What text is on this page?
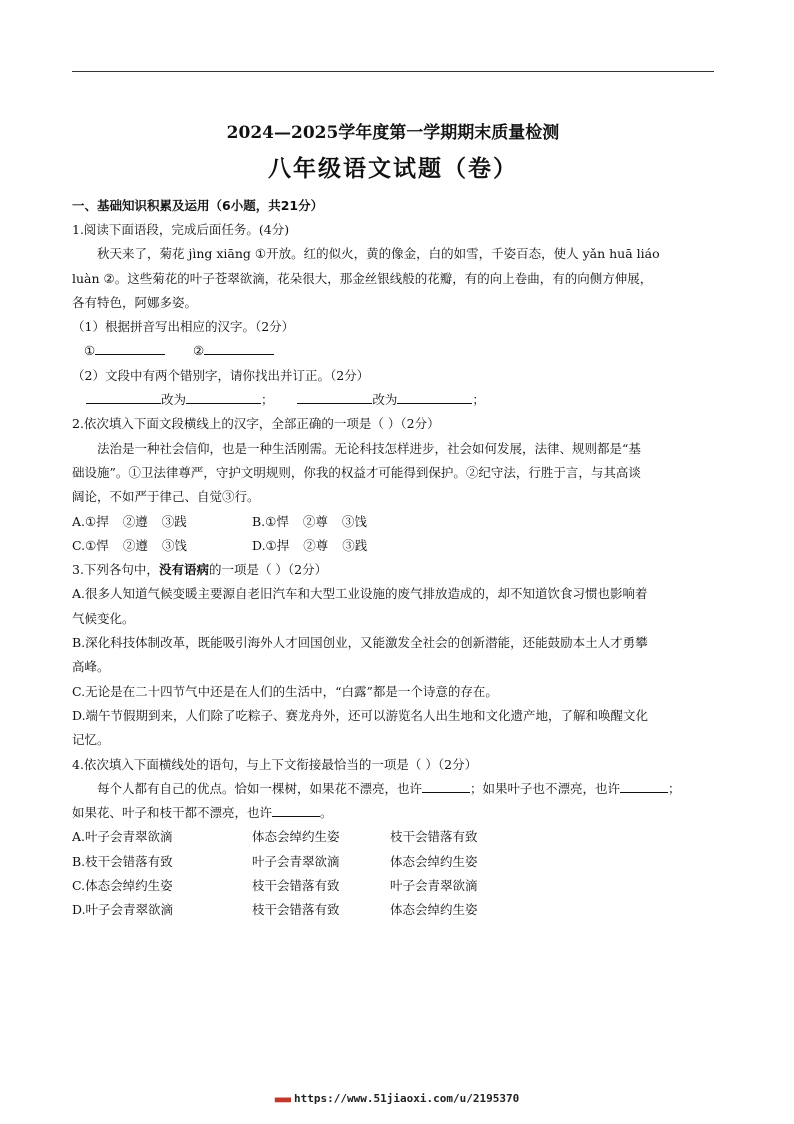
2024—2025学年度第一学期期末质量检测
八年级语文试题（卷）
一、基础知识积累及运用（6小题，共21分）
1.阅读下面语段，完成后面任务。(4分)
秋天来了，菊花 jìng xiāng ①开放。红的似火，黄的像金，白的如雪，千姿百态，使人 yǎn huā liáo

luàn ②。这些菊花的叶子苍翠欲滴，花朵很大，那金丝银线般的花瓣，有的向上卷曲，有的向侧方伸展，
各有特色，阿娜多姿。
（1）根据拼音写出相应的汉字。（2分）
①	②
（2）文段中有两个错别字，请你找出并订正。（2分）
改为	；	改为	；
2.依次填入下面文段横线上的汉字，全部正确的一项是（ ）（2分）
法治是一种社会信仰，也是一种生活刚需。无论科技怎样进步，社会如何发展，法律、规则都是“基
础设施”。①卫法律尊严，守护文明规则，你我的权益才可能得到保护。②纪守法，行胜于言，与其高谈
阔论，不如严于律己、自觉③行。
A.①捍 ②遵 ③践	B.①悍 ②尊 ③饯
C.①悍 ②遵 ③饯	D.①捍 ②尊 ③践
3.下列各句中，没有语病的一项是（ ）（2分）
A.很多人知道气候变暖主要源自老旧汽车和大型工业设施的废气排放造成的，却不知道饮食习惯也影响着
气候变化。
B.深化科技体制改革，既能吸引海外人才回国创业，又能激发全社会的创新潜能，还能鼓励本土人才勇攀
高峰。
C.无论是在二十四节气中还是在人们的生活中，“白露”都是一个诗意的存在。
D.端午节假期到来，人们除了吃粽子、赛龙舟外，还可以游览名人出生地和文化遗产地，了解和唤醒文化
记忆。
4.依次填入下面横线处的语句，与上下文衔接最恰当的一项是（ ）（2分）
每个人都有自己的优点。恰如一棵树，如果花不漂亮，也许	；如果叶子也不漂亮，也许	；
如果花、叶子和枝干都不漂亮，也许	。
A.叶子会青翠欲滴	体态会绰约生姿	枝干会错落有致
B.枝干会错落有致	叶子会青翠欲滴	体态会绰约生姿
C.体态会绰约生姿	枝干会错落有致	叶子会青翠欲滴
D.叶子会青翠欲滴	枝干会错落有致	体态会绰约生姿
■■■■ https://www.51jiaoxi.com/u/2195370
